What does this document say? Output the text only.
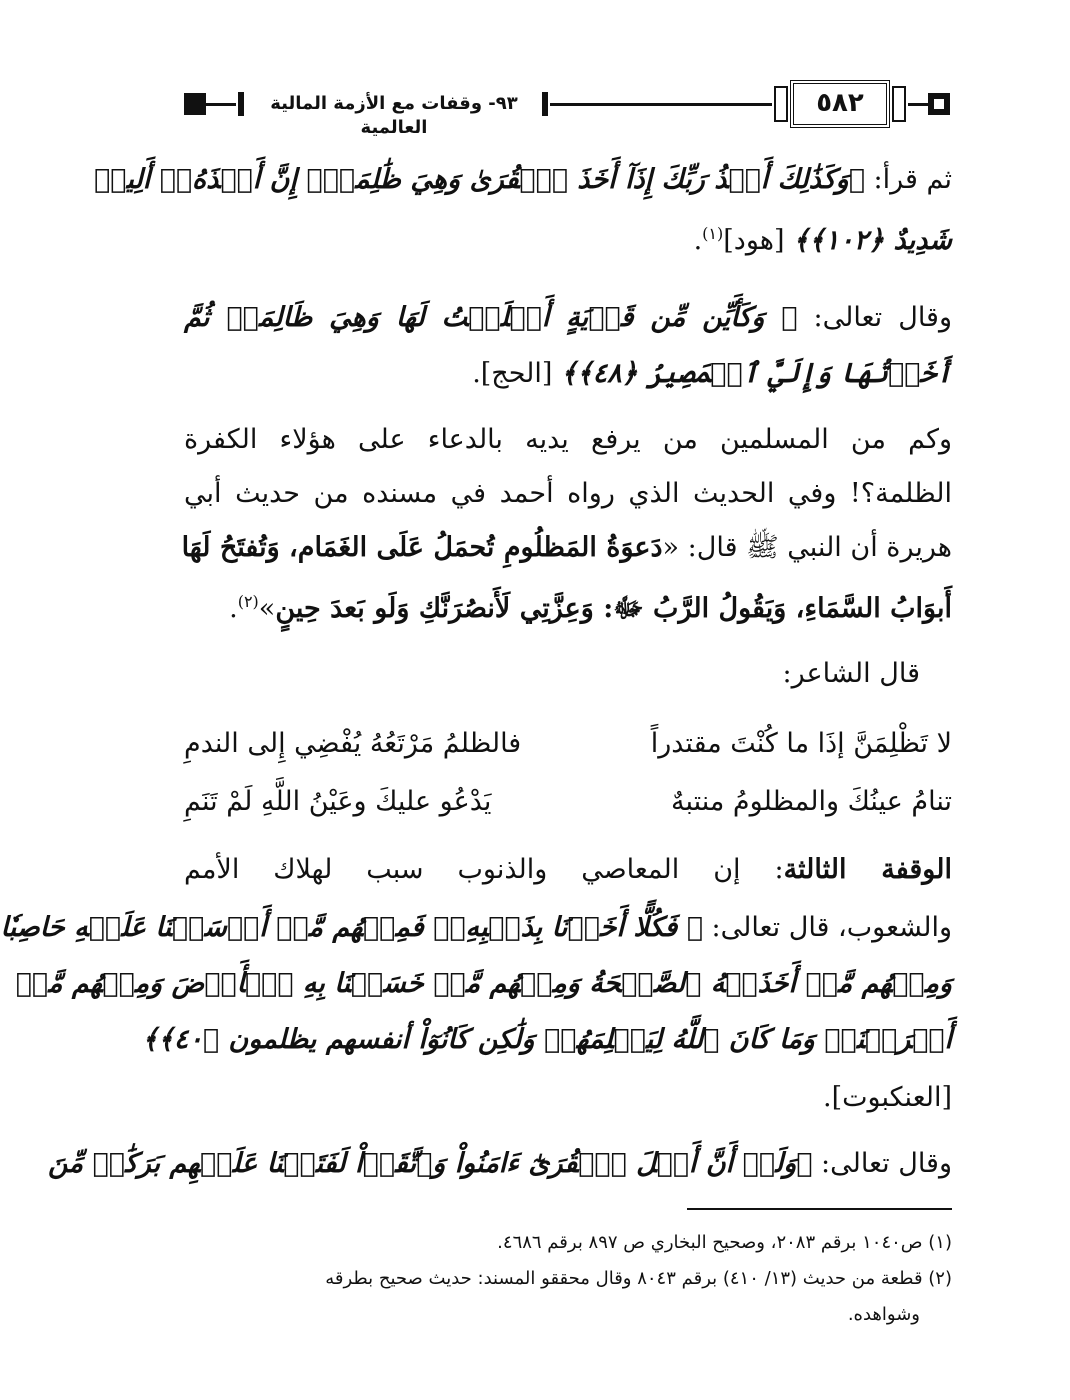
٩٣- وقفات مع الأزمة المالية العالمية
٥٨٢
ثم قرأ: ﴿وَكَذَٰلِكَ أَخۡذُ رَبِّكَ إِذَآ أَخَذَ ٱلۡقُرَىٰ وَهِيَ ظَٰلِمَةٌۚ إِنَّ أَخۡذَهُۥٓ أَلِيمٞ
شَدِيدٌ ﴿١٠٢﴾﴾ [هود]$^{(١)}$.
وقال تعالى: ﴿ وَكَأَيِّن مِّن قَرۡيَةٍ أَمۡلَيۡتُ لَهَا وَهِيَ ظَالِمَةٞ ثُمَّ
أَخَذۡتُهَا وَإِلَيَّ ٱلۡمَصِيرُ ﴿٤٨﴾﴾ [الحج].
وكم من المسلمين من يرفع يديه بالدعاء على هؤلاء الكفرة
الظلمة؟! وفي الحديث الذي رواه أحمد في مسنده من حديث أبي
هريرة أن النبي ﷺ قال: «دَعوَةُ المَظلُومِ تُحمَلُ عَلَى الغَمَام، وَتُفتَحُ لَهَا
أَبوَابُ السَّمَاءِ، وَيَقُولُ الرَّبُ ﷻ: وَعِزَّتِي لَأَنصُرَنَّكِ وَلَو بَعدَ حِينٍ»$^{(٢)}$.
قال الشاعر:
لا تَظْلِمَنَّ إذَا ما كُنْتَ مقتدراً
فالظلمُ مَرْتَعُهُ يُفْضِي إِلى الندمِ
تنامُ عينُكَ والمظلومُ منتبهٌ
يَدْعُو عليكَ وعَيْنُ اللَّهِ لَمْ تَنَمِ
الوقفة الثالثة: إن المعاصي والذنوب سبب لهلاك الأمم
والشعوب، قال تعالى: ﴿ فَكُلًّا أَخَذۡنَا بِذَنۢبِهِۦۖ فَمِنۡهُم مَّنۡ أَرۡسَلۡنَا عَلَيۡهِ حَاصِبٗا
وَمِنۡهُم مَّنۡ أَخَذَتۡهُ ٱلصَّيۡحَةُ وَمِنۡهُم مَّنۡ خَسَفۡنَا بِهِ ٱلۡأَرۡضَ وَمِنۡهُم مَّنۡ
أَغۡرَقۡنَاۚ وَمَا كَانَ ٱللَّهُ لِيَظۡلِمَهُمۡ وَلَٰكِن كَانُوٓاْ أنفسهم يظلمون ﴿٤٠﴾﴾
[العنكبوت].
وقال تعالى: ﴿وَلَوۡ أَنَّ أَهۡلَ ٱلۡقُرَىٰٓ ءَامَنُواْ وَٱتَّقَوۡاْ لَفَتَحۡنَا عَلَيۡهِم بَرَكَٰتٖ مِّنَ
(١) ص١٠٤٠ برقم ٢٠٨٣، وصحيح البخاري ص ٨٩٧ برقم ٤٦٨٦.
(٢) قطعة من حديث (١٣/ ٤١٠) برقم ٨٠٤٣ وقال محققو المسند: حديث صحيح بطرقه
وشواهده.
